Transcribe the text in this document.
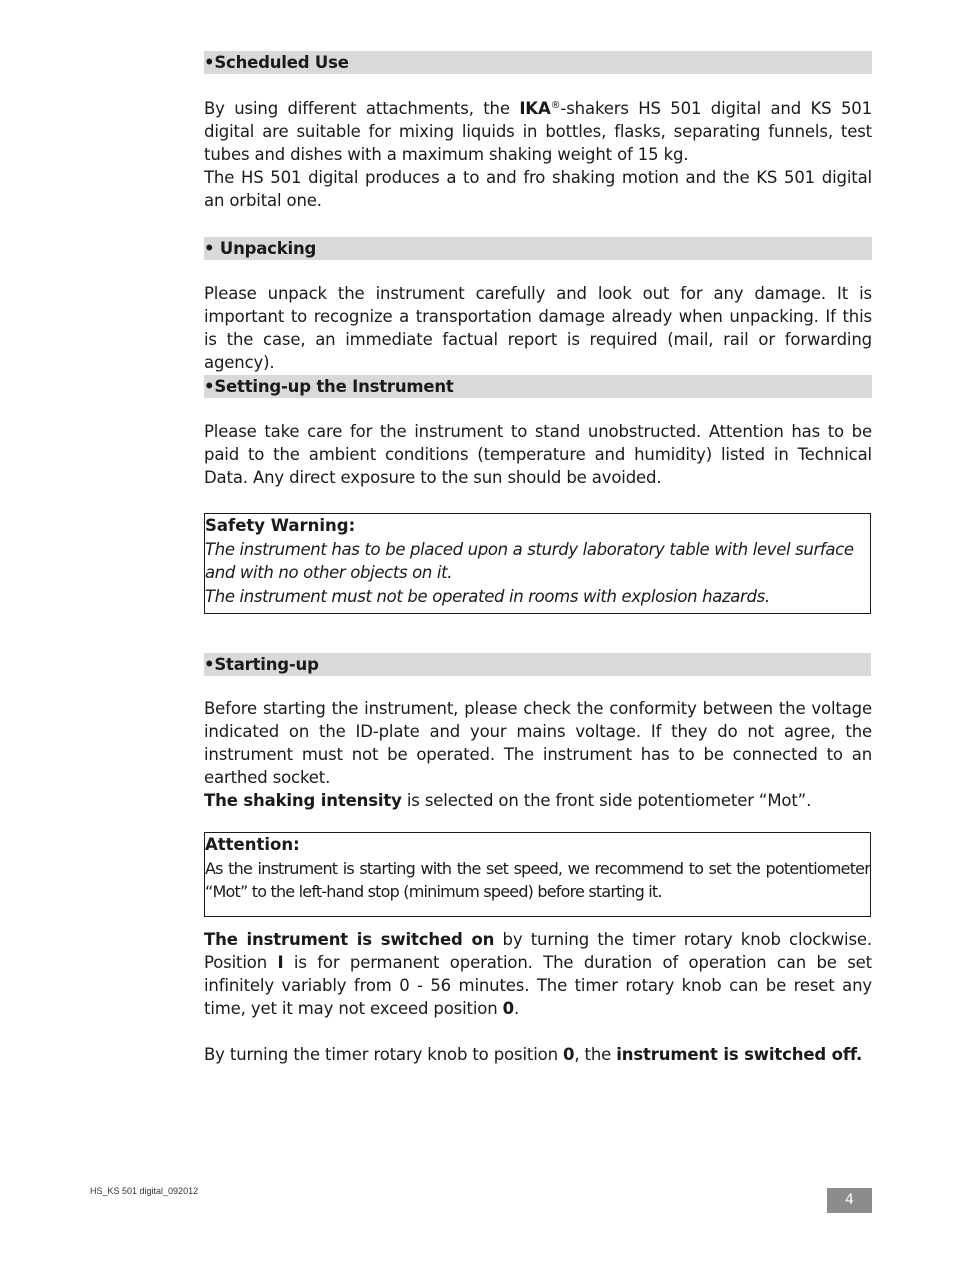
•Scheduled Use

By using different attachments, the IKA®-shakers HS 501 digital and KS 501 digital are suitable for mixing liquids in bottles, flasks, separating funnels, test tubes and dishes with a maximum shaking weight of 15 kg.

The HS 501 digital produces a to and fro shaking motion and the KS 501 digital an orbital one.

• Unpacking

Please unpack the instrument carefully and look out for any damage. It is important to recognize a transportation damage already when unpacking. If this is the case, an immediate factual report is required (mail, rail or forwarding agency).

•Setting-up the Instrument

Please take care for the instrument to stand unobstructed. Attention has to be paid to the ambient conditions (temperature and humidity) listed in Technical Data. Any direct exposure to the sun should be avoided.

Safety Warning:
The instrument has to be placed upon a sturdy laboratory table with level surface and with no other objects on it.
The instrument must not be operated in rooms with explosion hazards.
•Starting-up

Before starting the instrument, please check the conformity between the voltage indicated on the ID-plate and your mains voltage. If they do not agree, the instrument must not be operated. The instrument has to be connected to an earthed socket.

The shaking intensity is selected on the front side potentiometer “Mot”.

Attention:
As the instrument is starting with the set speed, we recommend to set the potentiometer “Mot” to the left-hand stop (minimum speed) before starting it.

The instrument is switched on by turning the timer rotary knob clockwise. Position I is for permanent operation. The duration of operation can be set infinitely variably from 0 - 56 minutes. The timer rotary knob can be reset any time, yet it may not exceed position 0.

By turning the timer rotary knob to position 0, the instrument is switched off.

HS_KS 501 digital_092012
4
